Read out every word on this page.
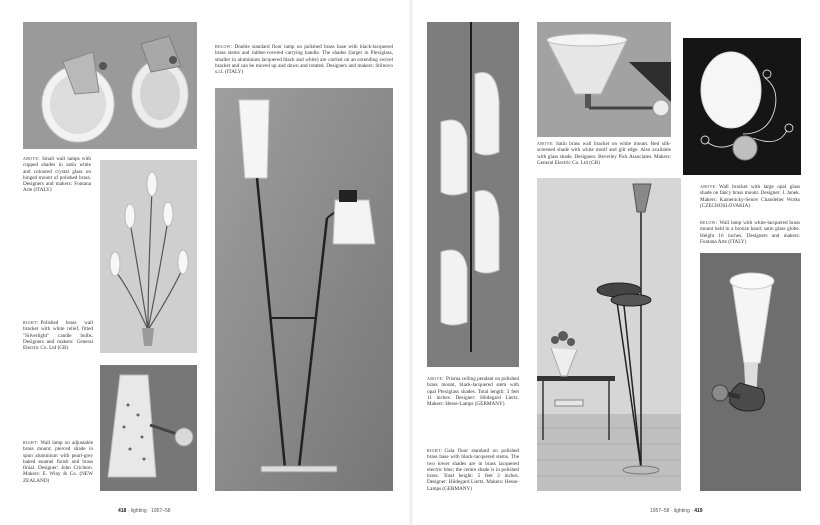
above: Small wall lamps with cupped shades in satin white and coloured crystal glass on hinged mount of polished brass. Designers and makers: Fontana Arte (ITALY)
right: Polished brass wall bracket with white relief, fitted "Silverlight" candle bulbs. Designers and makers: General Electric Co. Ltd (GB)
right: Wall lamp on adjustable brass mount; pierced shade in spun aluminium with pearl-grey baked enamel finish and brass finial. Designer: John Crichton. Makers: E. Winy & Co. (NEW ZEALAND)
below: Double standard floor lamp on polished brass base with black-lacquered brass stems and rubber-covered carrying handle. The shades (larger in Plexiglass, smaller in aluminium lacquered black and white) are carried on an extending swivel bracket and can be moved up and down and rotated. Designers and makers: Stilnovo s.r.l. (ITALY)
418 · lighting · 1957–58
above: Prisma ceiling pendant on polished brass mount, black-lacquered stem with opal Plexiglass shades. Total length: 3 feet 11 inches. Designer: Hildegard Liertz. Makers: Hesse-Lamps (GERMANY)
right: Gala floor standard on polished brass base with black-lacquered stems. The two lower shades are in brass lacquered electric blue; the centre shade is in polished brass. Total height: 5 feet 2 inches. Designer: Hildegard Liertz. Makers: Hesse-Lamps (GERMANY)
above: Satin brass wall bracket on white mount. Red silk-screened shade with white motif and gilt edge. Also available with glass shade. Designers: Beverley Pick Associates. Makers: General Electric Co. Ltd (GB)
above: Wall bracket with large opal glass shade on fancy brass mount. Designer: J. Janek. Makers: Kamenicky-Senov Chandelier Works (CZECHOSLOVAKIA)
below: Wall lamp with white-lacquered brass mount held in a bronze hand; satin glass globe. Height 16 inches. Designers and makers: Fontana Arte (ITALY)
1957–58 · lighting · 419
